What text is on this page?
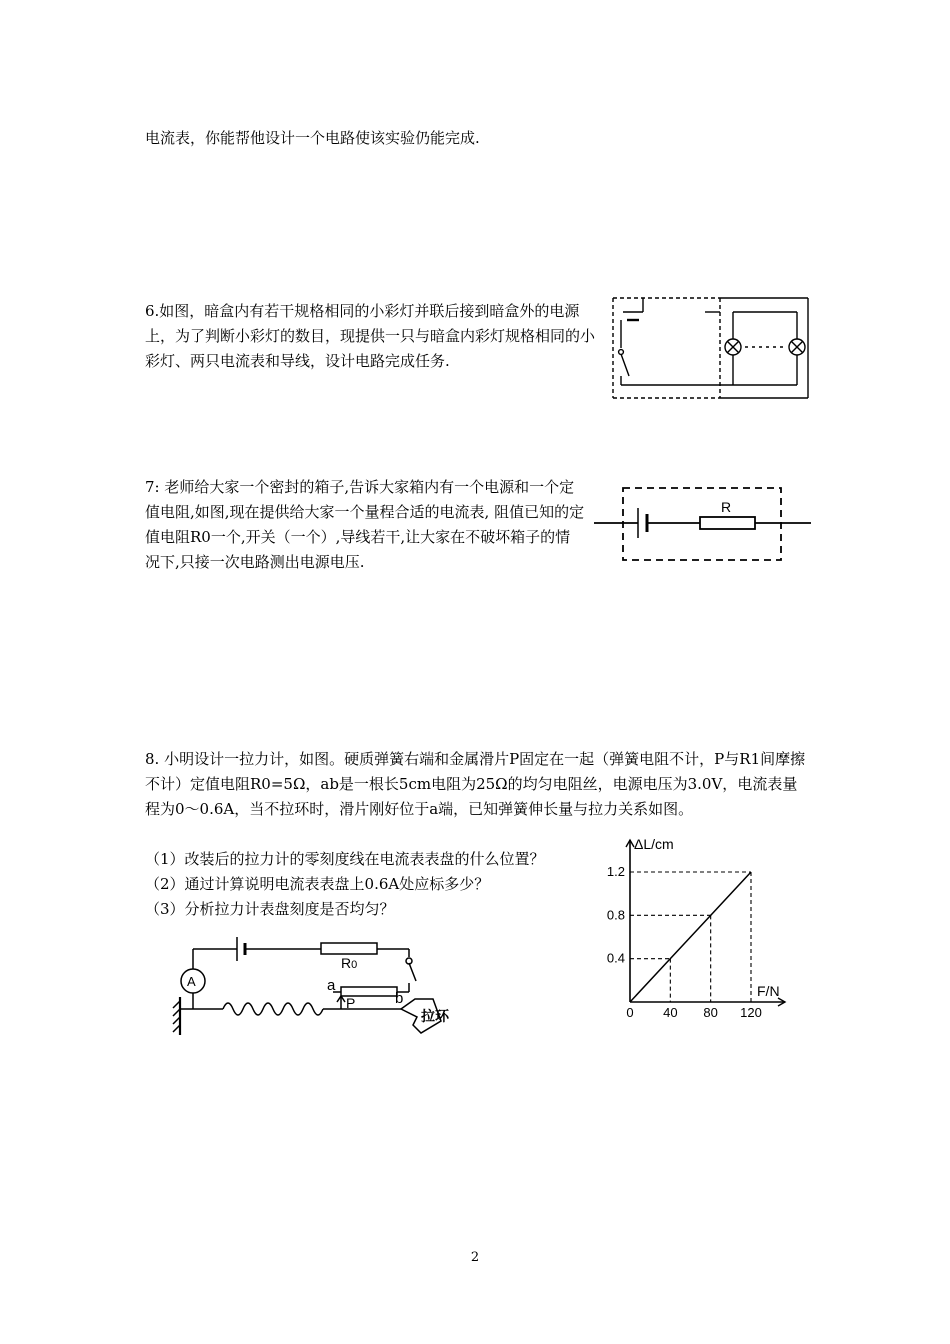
电流表，你能帮他设计一个电路使该实验仍能完成.

6.如图，暗盒内有若干规格相同的小彩灯并联后接到暗盒外的电源上，为了判断小彩灯的数目，现提供一只与暗盒内彩灯规格相同的小彩灯、两只电流表和导线，设计电路完成任务.

7: 老师给大家一个密封的箱子,告诉大家箱内有一个电源和一个定值电阻,如图,现在提供给大家一个量程合适的电流表, 阻值已知的定值电阻R0一个,开关（一个）,导线若干,让大家在不破坏箱子的情况下,只接一次电路测出电源电压.

R

8. 小明设计一拉力计，如图。硬质弹簧右端和金属滑片P固定在一起（弹簧电阻不计，P与R1间摩擦不计）定值电阻R0=5Ω，ab是一根长5cm电阻为25Ω的均匀电阻丝，电源电压为3.0V，电流表量程为0～0.6A，当不拉环时，滑片刚好位于a端，已知弹簧伸长量与拉力关系如图。

（1）改装后的拉力计的零刻度线在电流表表盘的什么位置？

（2）通过计算说明电流表表盘上0.6A处应标多少？

（3）分析拉力计表盘刻度是否均匀？

A
R0
a
b
P
拉环	0 40 80 120
0.4
0.8
1.2
ΔL/cm
F/N
2
